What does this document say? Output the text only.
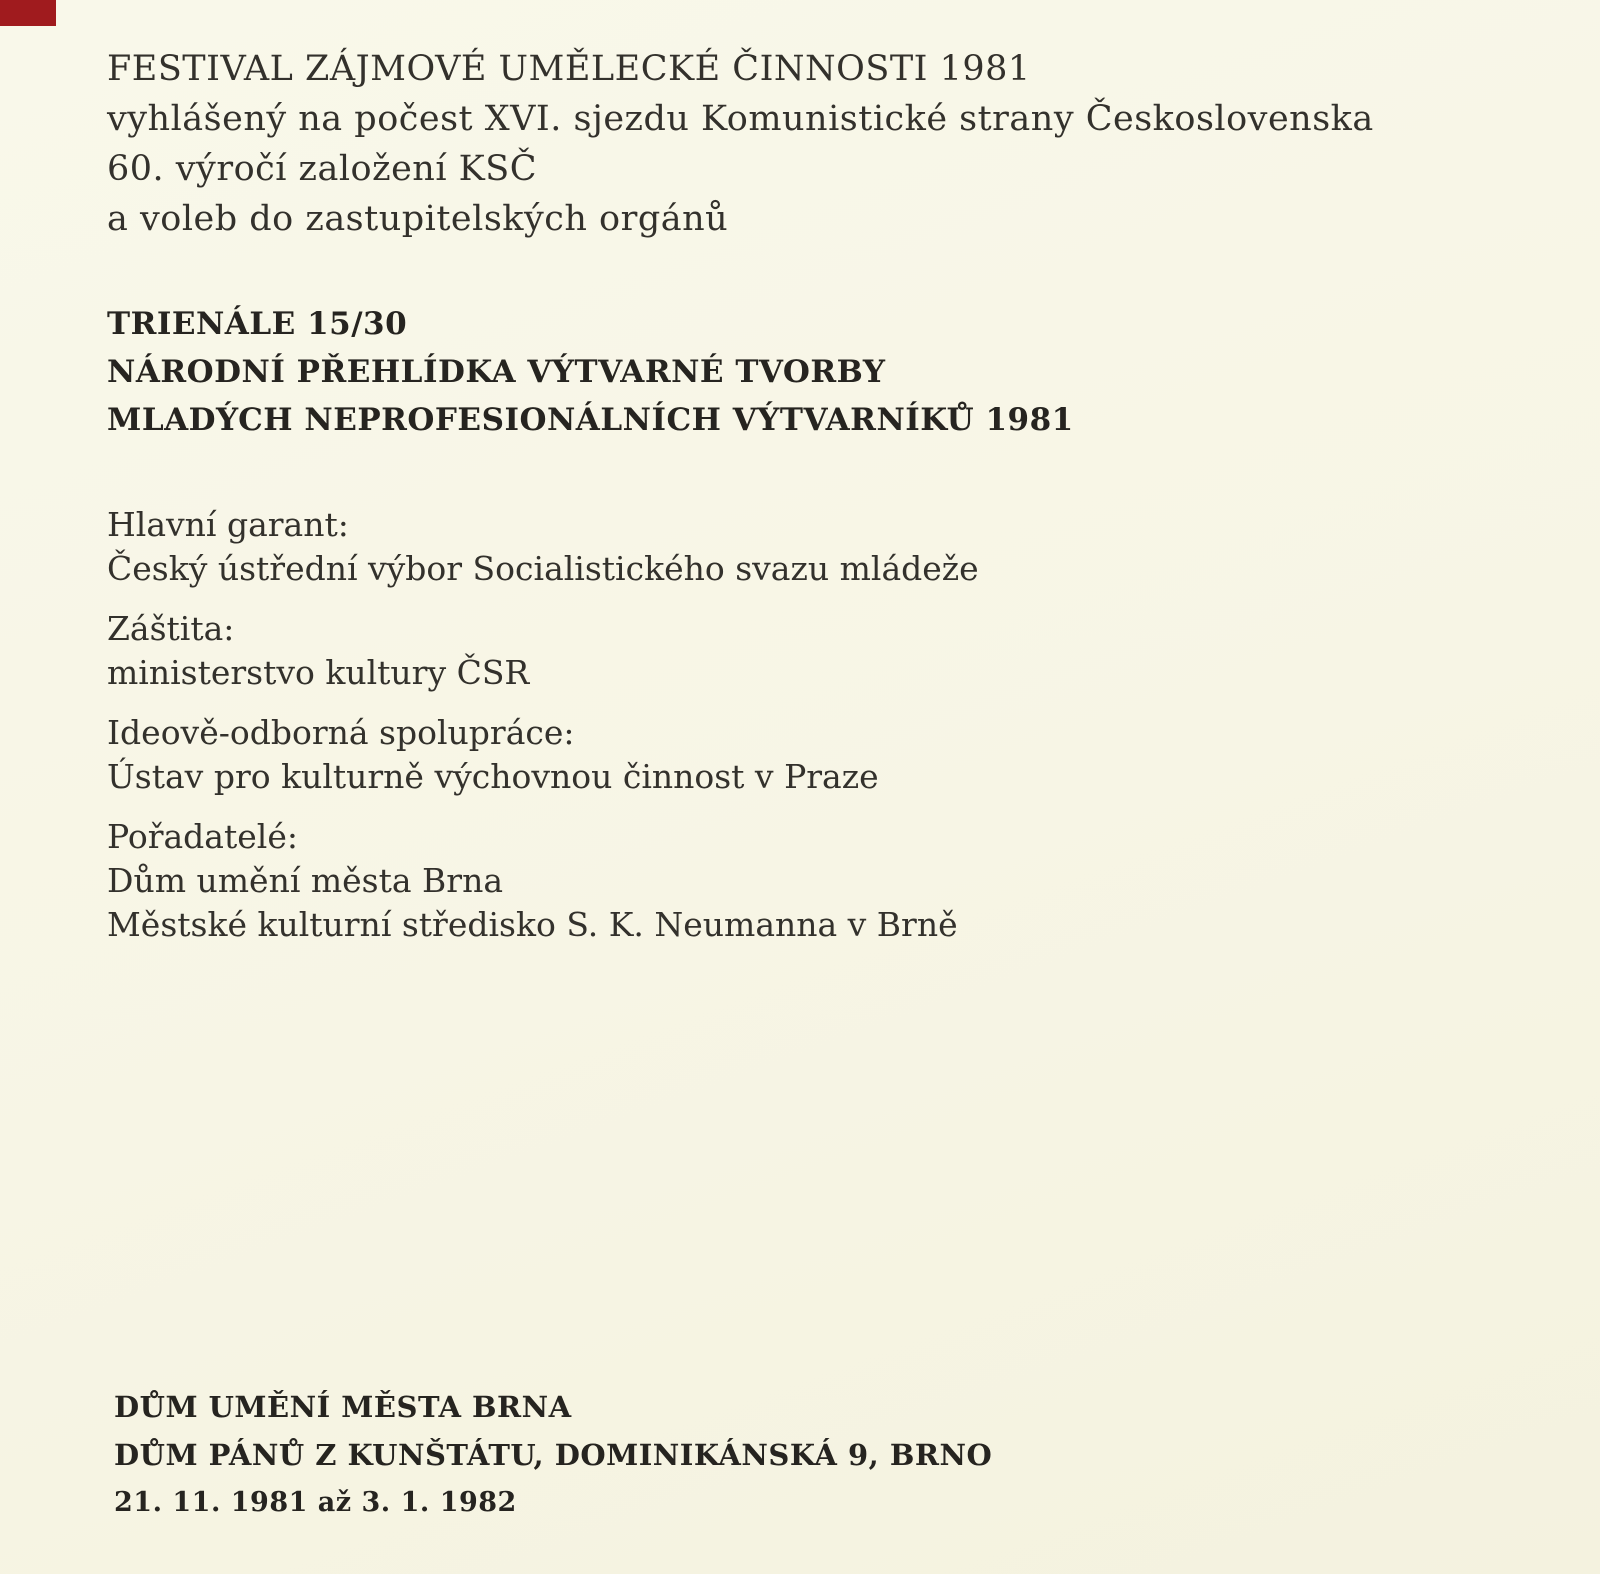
FESTIVAL ZÁJMOVÉ UMĚLECKÉ ČINNOSTI 1981
vyhlášený na počest XVI. sjezdu Komunistické strany Československa
60. výročí založení KSČ
a voleb do zastupitelských orgánů
TRIENÁLE 15/30
NÁRODNÍ PŘEHLÍDKA VÝTVARNÉ TVORBY
MLADÝCH NEPROFESIONÁLNÍCH VÝTVARNÍKŮ 1981
Hlavní garant:
Český ústřední výbor Socialistického svazu mládeže
Záštita:
ministerstvo kultury ČSR
Ideově-odborná spolupráce:
Ústav pro kulturně výchovnou činnost v Praze
Pořadatelé:
Dům umění města Brna
Městské kulturní středisko S. K. Neumanna v Brně
DŮM UMĚNÍ MĚSTA BRNA
DŮM PÁNŮ Z KUNŠTÁTU, DOMINIKÁNSKÁ 9, BRNO
21. 11. 1981 až 3. 1. 1982
